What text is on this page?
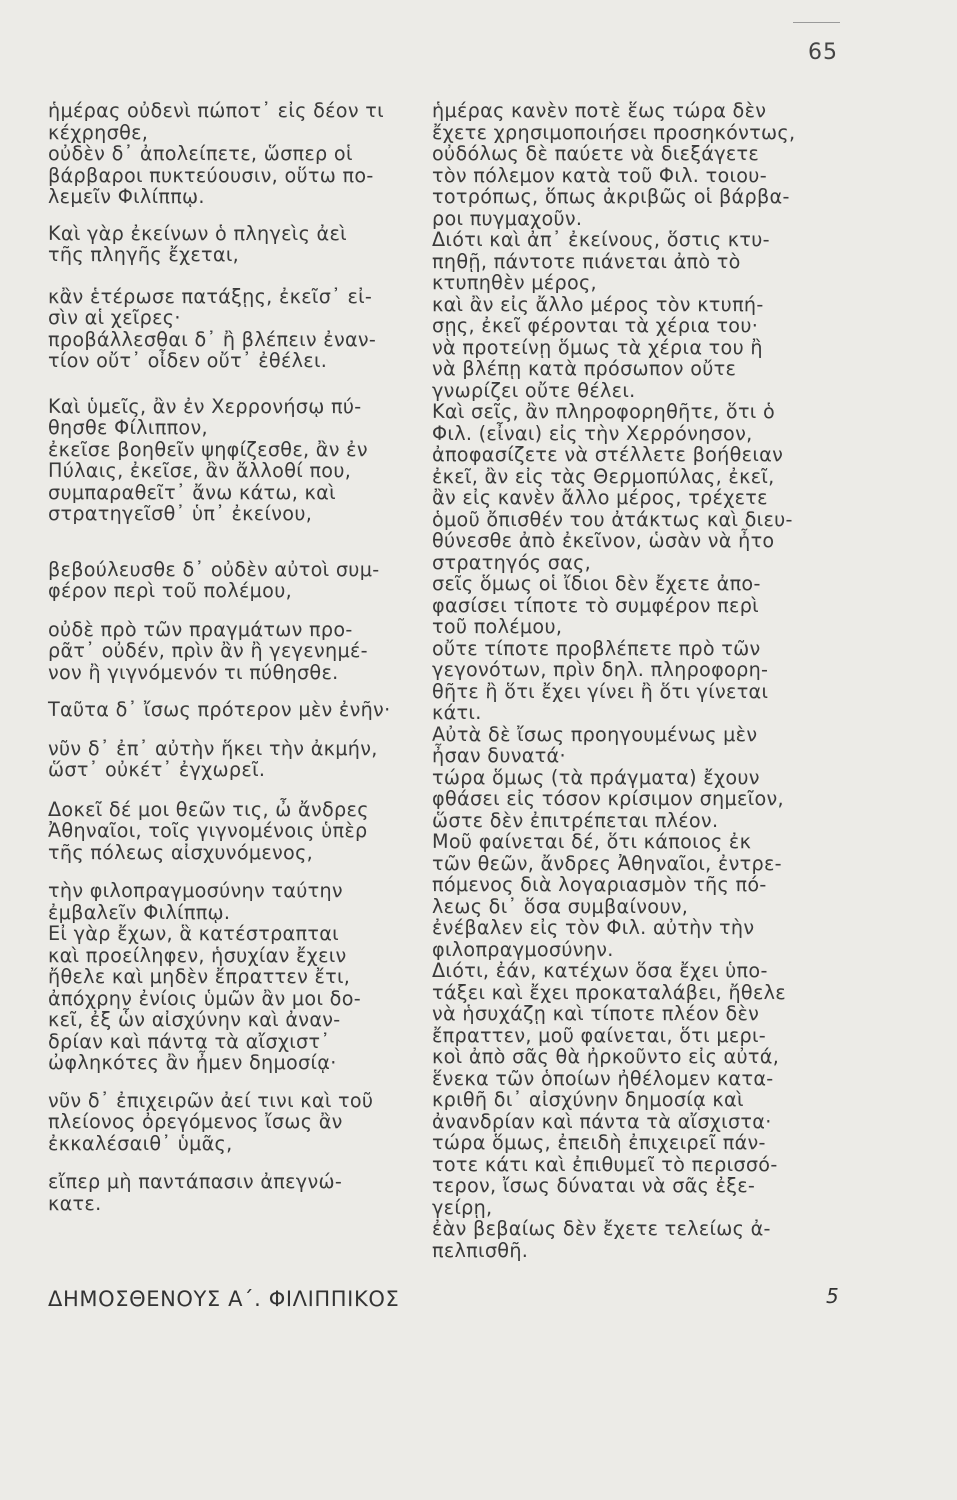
65

ἡμέρας οὐδενὶ πώποτ᾽ εἰς δέον τι
κέχρησθε,
οὐδὲν δ᾽ ἀπολείπετε, ὥσπερ οἱ
βάρβαροι πυκτεύουσιν, οὕτω πο-
λεμεῖν Φιλίππῳ.

Καὶ γὰρ ἐκείνων ὁ πληγεὶς ἀεὶ
τῆς πληγῆς ἔχεται,

κἂν ἑτέρωσε πατάξῃς, ἐκεῖσ᾽ εἰ-
σὶν αἱ χεῖρες·
προβάλλεσθαι δ᾽ ἢ βλέπειν ἐναν-
τίον οὔτ᾽ οἶδεν οὔτ᾽ ἐθέλει.

Καὶ ὑμεῖς, ἂν ἐν Χερρονήσῳ πύ-
θησθε Φίλιππον,
ἐκεῖσε βοηθεῖν ψηφίζεσθε, ἂν ἐν
Πύλαις, ἐκεῖσε, ἂν ἄλλοθί που,
συμπαραθεῖτ᾽ ἄνω κάτω, καὶ
στρατηγεῖσθ᾽ ὑπ᾽ ἐκείνου,

βεβούλευσθε δ᾽ οὐδὲν αὐτοὶ συμ-
φέρον περὶ τοῦ πολέμου,

οὐδὲ πρὸ τῶν πραγμάτων προ-
ρᾶτ᾽ οὐδέν, πρὶν ἂν ἢ γεγενημέ-
νον ἢ γιγνόμενόν τι πύθησθε.

Ταῦτα δ᾽ ἴσως πρότερον μὲν ἐνῆν·

νῦν δ᾽ ἐπ᾽ αὐτὴν ἥκει τὴν ἀκμήν,
ὥστ᾽ οὐκέτ᾽ ἐγχωρεῖ.

Δοκεῖ δέ μοι θεῶν τις, ὦ ἄνδρες
Ἀθηναῖοι, τοῖς γιγνομένοις ὑπὲρ
τῆς πόλεως αἰσχυνόμενος,

τὴν φιλοπραγμοσύνην ταύτην
ἐμβαλεῖν Φιλίππῳ.
Εἰ γὰρ ἔχων, ἃ κατέστραπται
καὶ προείληφεν, ἡσυχίαν ἔχειν
ἤθελε καὶ μηδὲν ἔπραττεν ἔτι,
ἀπόχρην ἐνίοις ὑμῶν ἂν μοι δο-
κεῖ, ἐξ ὧν αἰσχύνην καὶ ἀναν-
δρίαν καὶ πάντα τὰ αἴσχιστ᾽
ὠφληκότες ἂν ἦμεν δημοσίᾳ·

νῦν δ᾽ ἐπιχειρῶν ἀεί τινι καὶ τοῦ
πλείονος ὀρεγόμενος ἴσως ἂν
ἐκκαλέσαιθ᾽ ὑμᾶς,

εἴπερ μὴ παντάπασιν ἀπεγνώ-
κατε.

ἡμέρας κανὲν ποτὲ ἕως τώρα δὲν
ἔχετε χρησιμοποιήσει προσηκόντως,
οὐδόλως δὲ παύετε νὰ διεξάγετε
τὸν πόλεμον κατὰ τοῦ Φιλ. τοιου-
τοτρόπως, ὅπως ἀκριβῶς οἱ βάρβα-
ροι πυγμαχοῦν.
Διότι καὶ ἀπ᾽ ἐκείνους, ὅστις κτυ-
πηθῇ, πάντοτε πιάνεται ἀπὸ τὸ
κτυπηθὲν μέρος,
καὶ ἂν εἰς ἄλλο μέρος τὸν κτυπή-
σῃς, ἐκεῖ φέρονται τὰ χέρια του·
νὰ προτείνῃ ὅμως τὰ χέρια του ἢ
νὰ βλέπῃ κατὰ πρόσωπον οὔτε
γνωρίζει οὔτε θέλει.
Καὶ σεῖς, ἂν πληροφορηθῆτε, ὅτι ὁ
Φιλ. (εἶναι) εἰς τὴν Χερρόνησον,
ἀποφασίζετε νὰ στέλλετε βοήθειαν
ἐκεῖ, ἂν εἰς τὰς Θερμοπύλας, ἐκεῖ,
ἂν εἰς κανὲν ἄλλο μέρος, τρέχετε
ὁμοῦ ὄπισθέν του ἀτάκτως καὶ διευ-
θύνεσθε ἀπὸ ἐκεῖνον, ὡσὰν νὰ ἦτο
στρατηγός σας,
σεῖς ὅμως οἱ ἴδιοι δὲν ἔχετε ἀπο-
φασίσει τίποτε τὸ συμφέρον περὶ
τοῦ πολέμου,
οὔτε τίποτε προβλέπετε πρὸ τῶν
γεγονότων, πρὶν δηλ. πληροφορη-
θῆτε ἢ ὅτι ἔχει γίνει ἢ ὅτι γίνεται
κάτι.
Αὐτὰ δὲ ἴσως προηγουμένως μὲν
ἦσαν δυνατά·
τώρα ὅμως (τὰ πράγματα) ἔχουν
φθάσει εἰς τόσον κρίσιμον σημεῖον,
ὥστε δὲν ἐπιτρέπεται πλέον.
Μοῦ φαίνεται δέ, ὅτι κάποιος ἐκ
τῶν θεῶν, ἄνδρες Ἀθηναῖοι, ἐντρε-
πόμενος διὰ λογαριασμὸν τῆς πό-
λεως δι᾽ ὅσα συμβαίνουν,
ἐνέβαλεν εἰς τὸν Φιλ. αὐτὴν τὴν
φιλοπραγμοσύνην.
Διότι, ἐάν, κατέχων ὅσα ἔχει ὑπο-
τάξει καὶ ἔχει προκαταλάβει, ἤθελε
νὰ ἡσυχάζῃ καὶ τίποτε πλέον δὲν
ἔπραττεν, μοῦ φαίνεται, ὅτι μερι-
κοὶ ἀπὸ σᾶς θὰ ἠρκοῦντο εἰς αὐτά,
ἕνεκα τῶν ὁποίων ἠθέλομεν κατα-
κριθῆ δι᾽ αἰσχύνην δημοσίᾳ καὶ
ἀνανδρίαν καὶ πάντα τὰ αἴσχιστα·
τώρα ὅμως, ἐπειδὴ ἐπιχειρεῖ πάν-
τοτε κάτι καὶ ἐπιθυμεῖ τὸ περισσό-
τερον, ἴσως δύναται νὰ σᾶς ἐξε-
γείρῃ,
ἐὰν βεβαίως δὲν ἔχετε τελείως ἀ-
πελπισθῆ.

ΔΗΜΟΣΘΕΝΟΥΣ Α΄. ΦΙΛΙΠΠΙΚΟΣ	5
